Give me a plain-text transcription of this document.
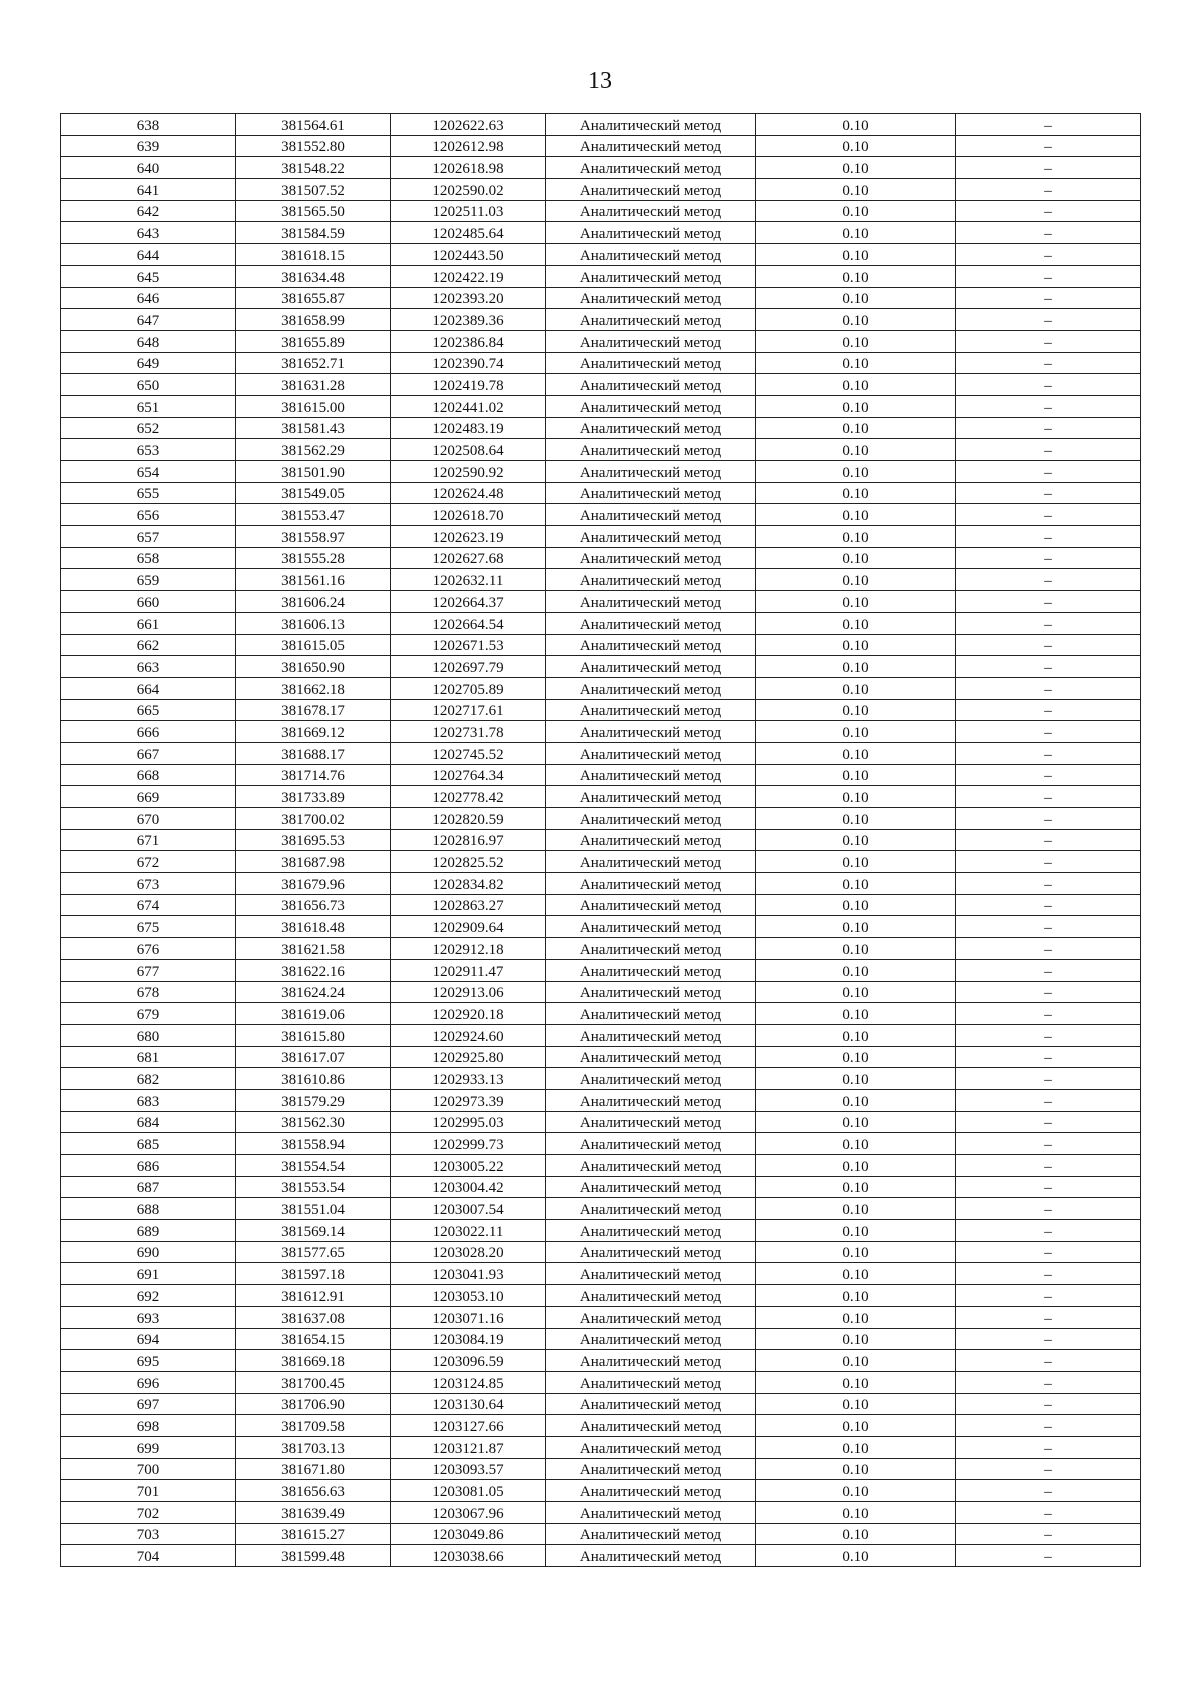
13
638	381564.61	1202622.63	Аналитический метод	0.10	–
639	381552.80	1202612.98	Аналитический метод	0.10	–
640	381548.22	1202618.98	Аналитический метод	0.10	–
641	381507.52	1202590.02	Аналитический метод	0.10	–
642	381565.50	1202511.03	Аналитический метод	0.10	–
643	381584.59	1202485.64	Аналитический метод	0.10	–
644	381618.15	1202443.50	Аналитический метод	0.10	–
645	381634.48	1202422.19	Аналитический метод	0.10	–
646	381655.87	1202393.20	Аналитический метод	0.10	–
647	381658.99	1202389.36	Аналитический метод	0.10	–
648	381655.89	1202386.84	Аналитический метод	0.10	–
649	381652.71	1202390.74	Аналитический метод	0.10	–
650	381631.28	1202419.78	Аналитический метод	0.10	–
651	381615.00	1202441.02	Аналитический метод	0.10	–
652	381581.43	1202483.19	Аналитический метод	0.10	–
653	381562.29	1202508.64	Аналитический метод	0.10	–
654	381501.90	1202590.92	Аналитический метод	0.10	–
655	381549.05	1202624.48	Аналитический метод	0.10	–
656	381553.47	1202618.70	Аналитический метод	0.10	–
657	381558.97	1202623.19	Аналитический метод	0.10	–
658	381555.28	1202627.68	Аналитический метод	0.10	–
659	381561.16	1202632.11	Аналитический метод	0.10	–
660	381606.24	1202664.37	Аналитический метод	0.10	–
661	381606.13	1202664.54	Аналитический метод	0.10	–
662	381615.05	1202671.53	Аналитический метод	0.10	–
663	381650.90	1202697.79	Аналитический метод	0.10	–
664	381662.18	1202705.89	Аналитический метод	0.10	–
665	381678.17	1202717.61	Аналитический метод	0.10	–
666	381669.12	1202731.78	Аналитический метод	0.10	–
667	381688.17	1202745.52	Аналитический метод	0.10	–
668	381714.76	1202764.34	Аналитический метод	0.10	–
669	381733.89	1202778.42	Аналитический метод	0.10	–
670	381700.02	1202820.59	Аналитический метод	0.10	–
671	381695.53	1202816.97	Аналитический метод	0.10	–
672	381687.98	1202825.52	Аналитический метод	0.10	–
673	381679.96	1202834.82	Аналитический метод	0.10	–
674	381656.73	1202863.27	Аналитический метод	0.10	–
675	381618.48	1202909.64	Аналитический метод	0.10	–
676	381621.58	1202912.18	Аналитический метод	0.10	–
677	381622.16	1202911.47	Аналитический метод	0.10	–
678	381624.24	1202913.06	Аналитический метод	0.10	–
679	381619.06	1202920.18	Аналитический метод	0.10	–
680	381615.80	1202924.60	Аналитический метод	0.10	–
681	381617.07	1202925.80	Аналитический метод	0.10	–
682	381610.86	1202933.13	Аналитический метод	0.10	–
683	381579.29	1202973.39	Аналитический метод	0.10	–
684	381562.30	1202995.03	Аналитический метод	0.10	–
685	381558.94	1202999.73	Аналитический метод	0.10	–
686	381554.54	1203005.22	Аналитический метод	0.10	–
687	381553.54	1203004.42	Аналитический метод	0.10	–
688	381551.04	1203007.54	Аналитический метод	0.10	–
689	381569.14	1203022.11	Аналитический метод	0.10	–
690	381577.65	1203028.20	Аналитический метод	0.10	–
691	381597.18	1203041.93	Аналитический метод	0.10	–
692	381612.91	1203053.10	Аналитический метод	0.10	–
693	381637.08	1203071.16	Аналитический метод	0.10	–
694	381654.15	1203084.19	Аналитический метод	0.10	–
695	381669.18	1203096.59	Аналитический метод	0.10	–
696	381700.45	1203124.85	Аналитический метод	0.10	–
697	381706.90	1203130.64	Аналитический метод	0.10	–
698	381709.58	1203127.66	Аналитический метод	0.10	–
699	381703.13	1203121.87	Аналитический метод	0.10	–
700	381671.80	1203093.57	Аналитический метод	0.10	–
701	381656.63	1203081.05	Аналитический метод	0.10	–
702	381639.49	1203067.96	Аналитический метод	0.10	–
703	381615.27	1203049.86	Аналитический метод	0.10	–
704	381599.48	1203038.66	Аналитический метод	0.10	–
